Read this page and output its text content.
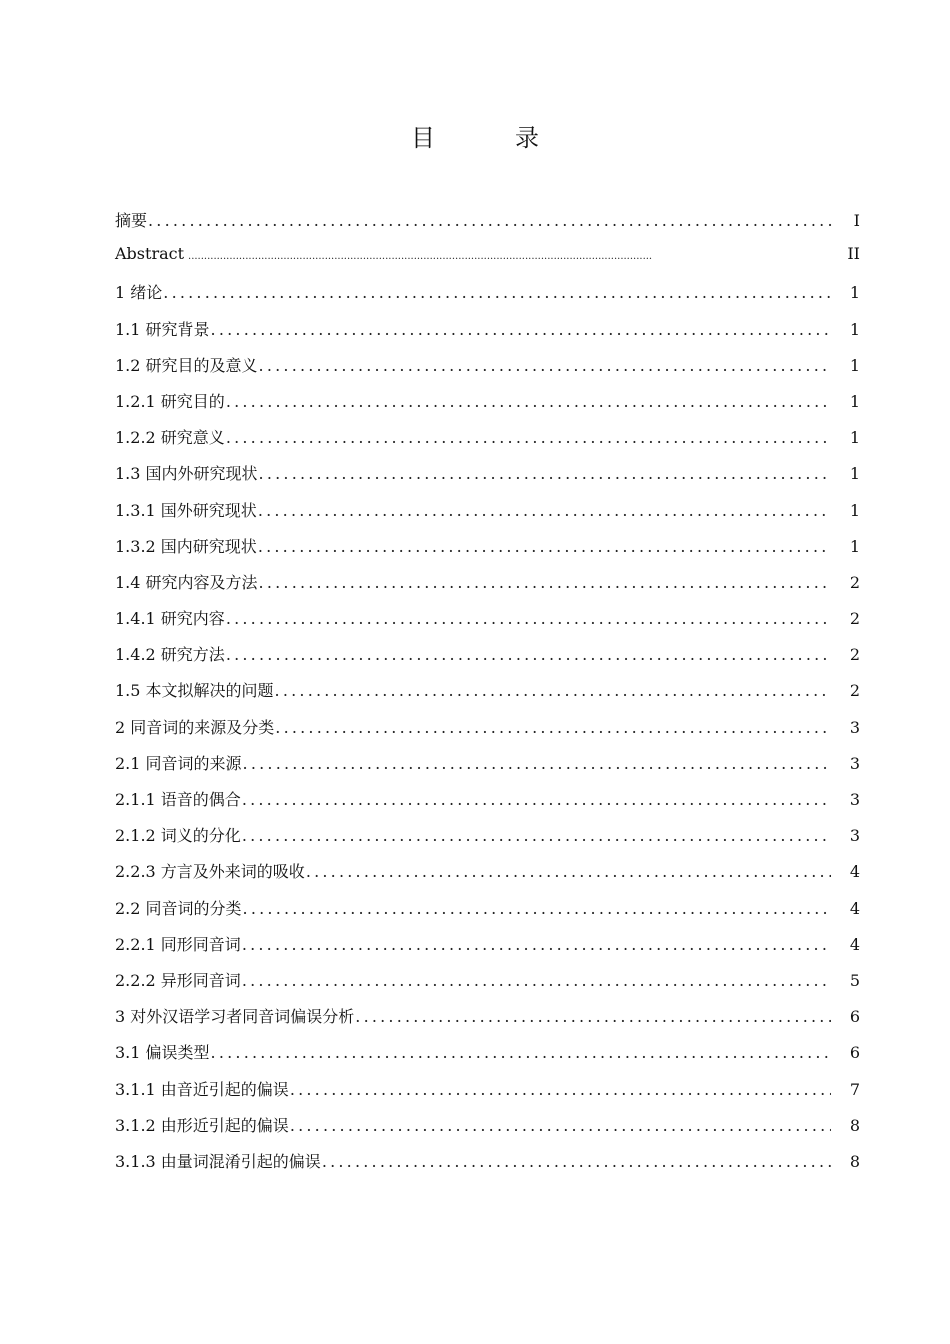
目　录
摘要 .....	I
Abstract .....	II
1 绪论 .....	1
1.1 研究背景 .....	1
1.2 研究目的及意义 .....	1
1.2.1 研究目的 .....	1
1.2.2 研究意义 .....	1
1.3 国内外研究现状 .....	1
1.3.1 国外研究现状 .....	1
1.3.2 国内研究现状 .....	1
1.4 研究内容及方法 .....	2
1.4.1 研究内容 .....	2
1.4.2 研究方法 .....	2
1.5 本文拟解决的问题 .....	2
2 同音词的来源及分类 .....	3
2.1 同音词的来源 .....	3
2.1.1 语音的偶合 .....	3
2.1.2 词义的分化 .....	3
2.2.3 方言及外来词的吸收 .....	4
2.2 同音词的分类 .....	4
2.2.1 同形同音词 .....	4
2.2.2 异形同音词 .....	5
3 对外汉语学习者同音词偏误分析 .....	6
3.1 偏误类型 .....	6
3.1.1 由音近引起的偏误 .....	7
3.1.2 由形近引起的偏误 .....	8
3.1.3 由量词混淆引起的偏误 .....	8
